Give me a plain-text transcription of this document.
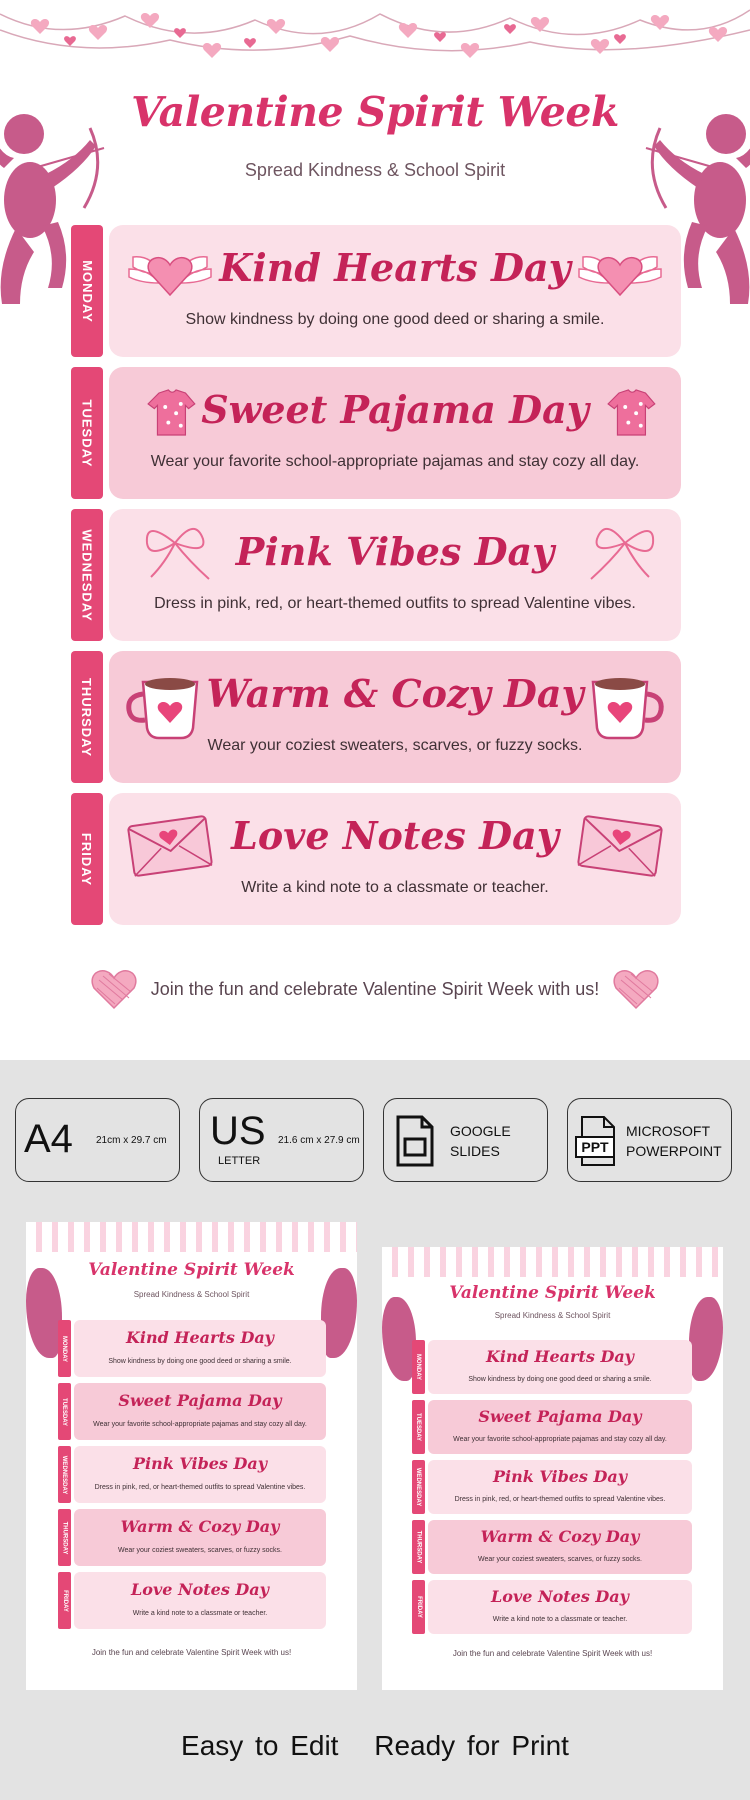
Valentine Spirit Week
Spread Kindness & School Spirit
MONDAY	Kind Hearts Day
Show kindness by doing one good deed or sharing a smile.
TUESDAY	Sweet Pajama Day
Wear your favorite school-appropriate pajamas and stay cozy all day.
WEDNESDAY	Pink Vibes Day
Dress in pink, red, or heart-themed outfits to spread Valentine vibes.
THURSDAY	Warm & Cozy Day
Wear your coziest sweaters, scarves, or fuzzy socks.
FRIDAY	Love Notes Day
Write a kind note to a classmate or teacher.
Join the fun and celebrate Valentine Spirit Week with us!
A4 21cm x 29.7 cm US
LETTER
21.6 cm x 27.9 cm
GOOGLE
SLIDES	PPT
MICROSOFT
POWERPOINT
Valentine Spirit Week
Spread Kindness & School Spirit
MONDAY	Kind Hearts Day
Show kindness by doing one good deed or sharing a smile.
TUESDAY	Sweet Pajama Day
Wear your favorite school-appropriate pajamas and stay cozy all day.
WEDNESDAY	Pink Vibes Day
Dress in pink, red, or heart-themed outfits to spread Valentine vibes.
THURSDAY	Warm & Cozy Day
Wear your coziest sweaters, scarves, or fuzzy socks.
FRIDAY
Love Notes Day
Write a kind note to a classmate or teacher.
Join the fun and celebrate Valentine Spirit Week with us!
Valentine Spirit Week
Spread Kindness & School Spirit
MONDAY	Kind Hearts Day
Show kindness by doing one good deed or sharing a smile.
TUESDAY	Sweet Pajama Day
Wear your favorite school-appropriate pajamas and stay cozy all day.
WEDNESDAY	Pink Vibes Day
Dress in pink, red, or heart-themed outfits to spread Valentine vibes.
THURSDAY	Warm & Cozy Day
Wear your coziest sweaters, scarves, or fuzzy socks.
FRIDAY	Love Notes Day
Write a kind note to a classmate or teacher.
Join the fun and celebrate Valentine Spirit Week with us!
Easy to Edit Ready for Print
